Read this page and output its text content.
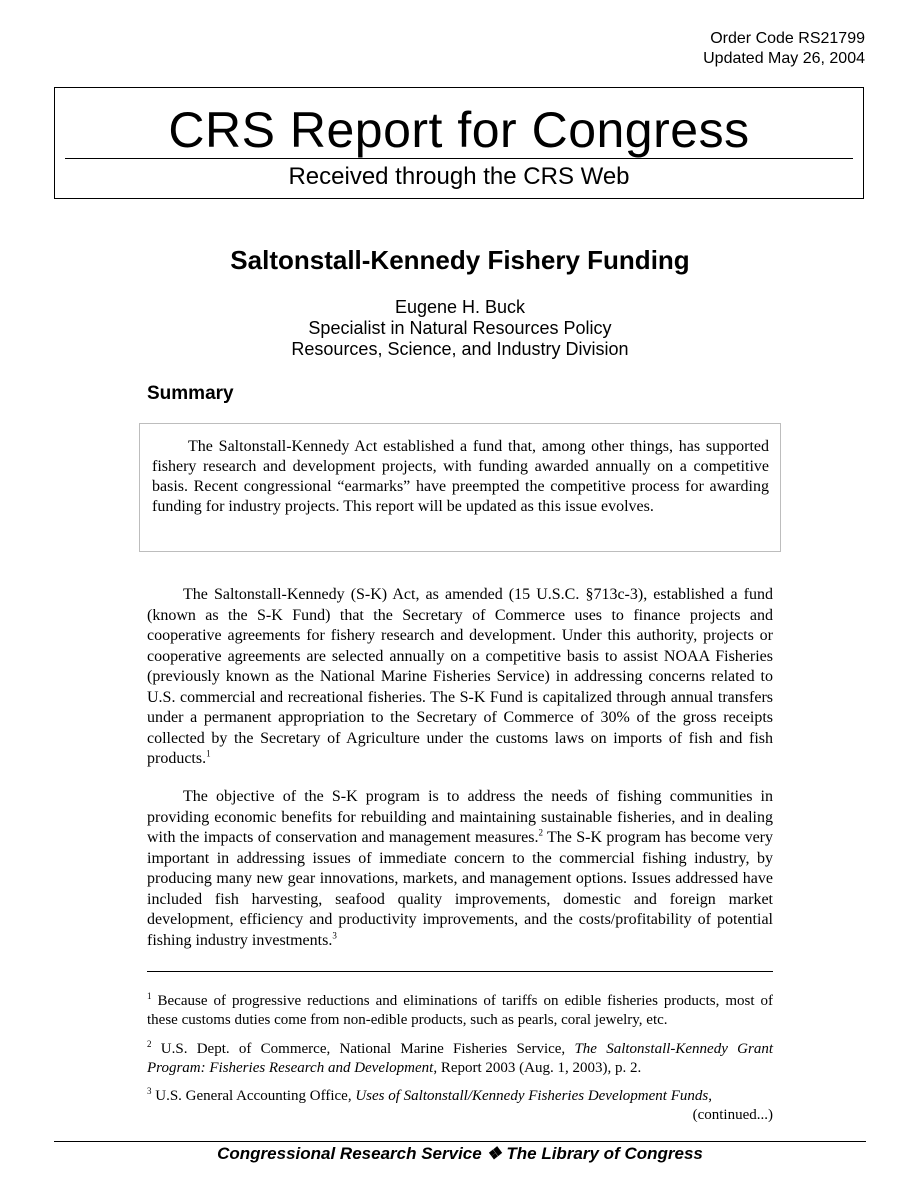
Order Code RS21799
Updated May 26, 2004
CRS Report for Congress
Received through the CRS Web
Saltonstall-Kennedy Fishery Funding
Eugene H. Buck
Specialist in Natural Resources Policy
Resources, Science, and Industry Division
Summary

The Saltonstall-Kennedy Act established a fund that, among other things, has supported fishery research and development projects, with funding awarded annually on a competitive basis. Recent congressional “earmarks” have preempted the competitive process for awarding funding for industry projects. This report will be updated as this issue evolves.

The Saltonstall-Kennedy (S-K) Act, as amended (15 U.S.C. §713c-3), established a fund (known as the S-K Fund) that the Secretary of Commerce uses to finance projects and cooperative agreements for fishery research and development. Under this authority, projects or cooperative agreements are selected annually on a competitive basis to assist NOAA Fisheries (previously known as the National Marine Fisheries Service) in addressing concerns related to U.S. commercial and recreational fisheries. The S-K Fund is capitalized through annual transfers under a permanent appropriation to the Secretary of Commerce of 30% of the gross receipts collected by the Secretary of Agriculture under the customs laws on imports of fish and fish products.$^1$

The objective of the S-K program is to address the needs of fishing communities in providing economic benefits for rebuilding and maintaining sustainable fisheries, and in dealing with the impacts of conservation and management measures.$^2$ The S-K program has become very important in addressing issues of immediate concern to the commercial fishing industry, by producing many new gear innovations, markets, and management options. Issues addressed have included fish harvesting, seafood quality improvements, domestic and foreign market development, efficiency and productivity improvements, and the costs/profitability of potential fishing industry investments.$^3$

$^1$ Because of progressive reductions and eliminations of tariffs on edible fisheries products, most of these customs duties come from non-edible products, such as pearls, coral jewelry, etc.

$^2$ U.S. Dept. of Commerce, National Marine Fisheries Service, The Saltonstall-Kennedy Grant Program: Fisheries Research and Development, Report 2003 (Aug. 1, 2003), p. 2.

$^3$ U.S. General Accounting Office, Uses of Saltonstall/Kennedy Fisheries Development Funds,

(continued...)
Congressional Research Service ❖ The Library of Congress
